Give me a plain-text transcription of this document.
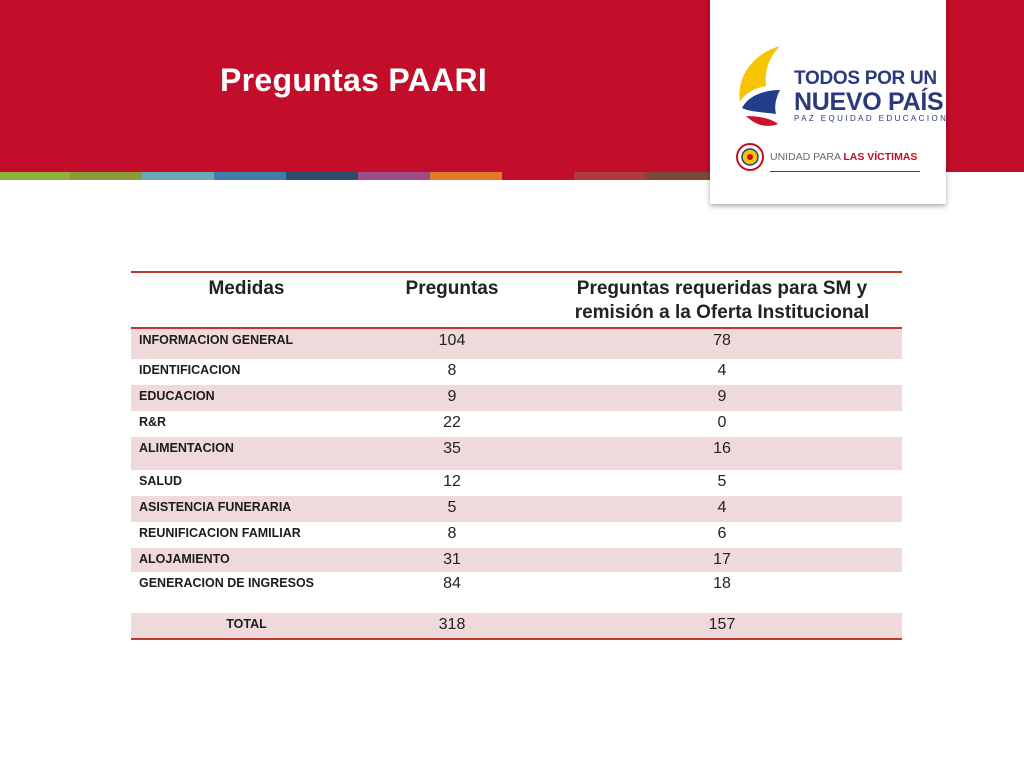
Preguntas PAARI	TODOS POR UN
NUEVO PAÍS
PAZ EQUIDAD EDUCACION
UNIDAD PARA LAS VÍCTIMAS
Medidas	Preguntas	Preguntas requeridas para SM y remisión a la Oferta Institucional
INFORMACION GENERAL	104	78
IDENTIFICACION	8	4
EDUCACION	9	9
R&R	22	0
ALIMENTACION	35	16
SALUD	12	5
ASISTENCIA FUNERARIA	5	4
REUNIFICACION FAMILIAR	8	6
ALOJAMIENTO	31	17
GENERACION DE INGRESOS	84	18
TOTAL	318	157
